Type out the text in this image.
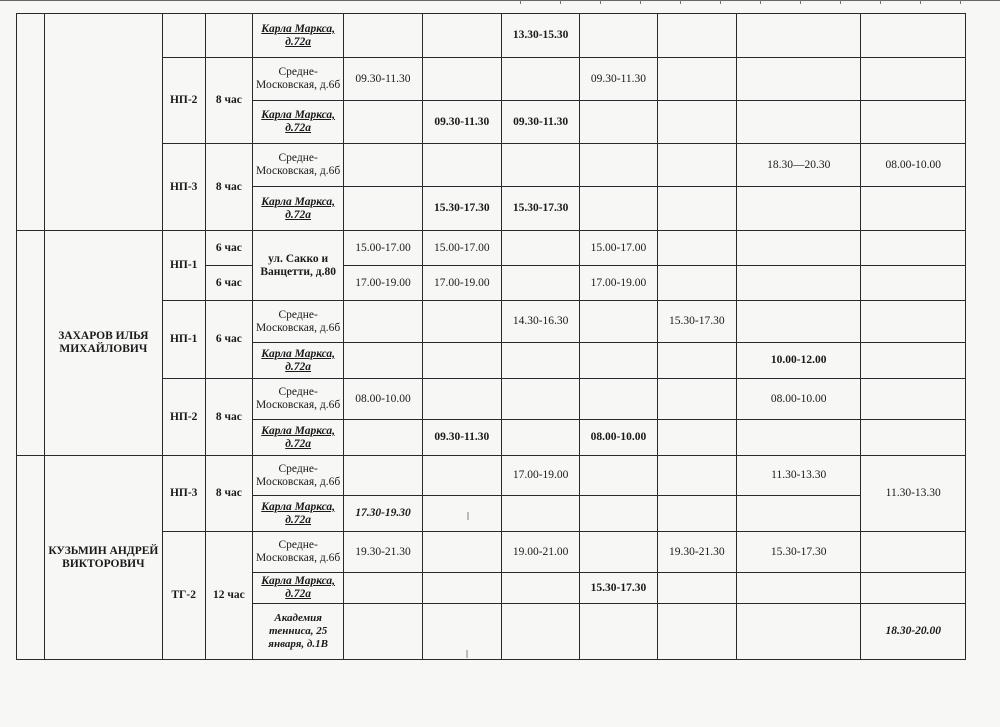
				Карла Маркса, д.72а			13.30-15.30				
		НП-2	8 час	Средне-Московская, д.6б	09.30-11.30			09.30-11.30			
				Карла Маркса, д.72а		09.30-11.30	09.30-11.30				
		НП-3	8 час	Средне-Московская, д.6б						18.30—20.30	08.00-10.00
				Карла Маркса, д.72а		15.30-17.30	15.30-17.30				
	ЗАХАРОВ ИЛЬЯ МИХАЙЛОВИЧ	НП-1	6 час	ул. Сакко и Ванцетти, д.80	15.00-17.00	15.00-17.00		15.00-17.00			
			6 час		17.00-19.00	17.00-19.00		17.00-19.00			
		НП-1	6 час	Средне-Московская, д.6б			14.30-16.30		15.30-17.30		
				Карла Маркса, д.72а						10.00-12.00	
		НП-2	8 час	Средне-Московская, д.6б	08.00-10.00					08.00-10.00	
				Карла Маркса, д.72а		09.30-11.30		08.00-10.00			
	КУЗЬМИН АНДРЕЙ ВИКТОРОВИЧ	НП-3	8 час	Средне-Московская, д.6б			17.00-19.00			11.30-13.30	11.30-13.30
				Карла Маркса, д.72а	17.30-19.30						
		ТГ-2	12 час	Средне-Московская, д.6б	19.30-21.30		19.00-21.00		19.30-21.30	15.30-17.30	
				Карла Маркса, д.72а				15.30-17.30			
				Академия тенниса, 25 января, д.1В							18.30-20.00
